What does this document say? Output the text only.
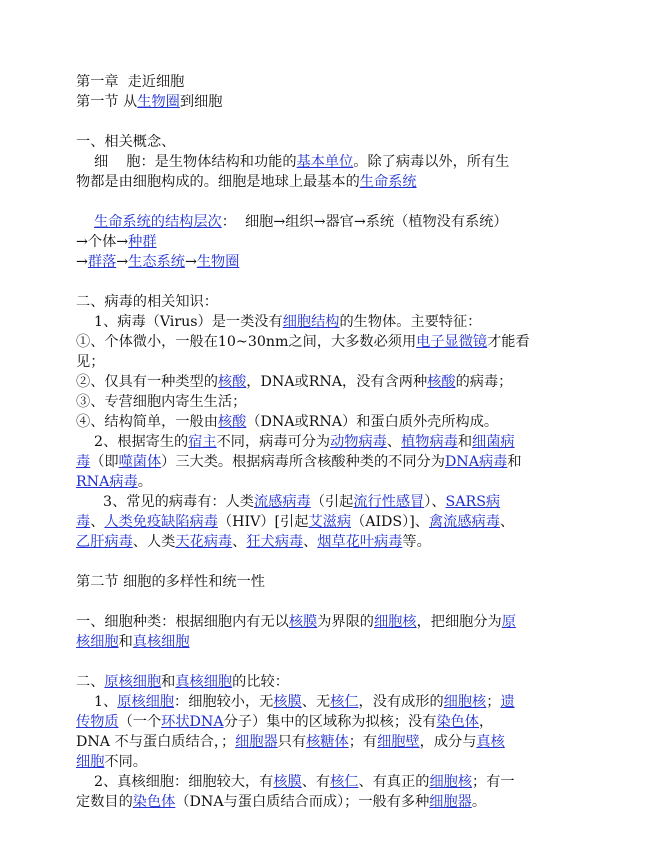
第一章  走近细胞
第一节 从生物圈到细胞
一、相关概念、
细    胞：是生物体结构和功能的基本单位。除了病毒以外，所有生
物都是由细胞构成的。细胞是地球上最基本的生命系统
生命系统的结构层次：  细胞→组织→器官→系统（植物没有系统）
→个体→种群
→群落→生态系统→生物圈
二、病毒的相关知识：
1、病毒（Virus）是一类没有细胞结构的生物体。主要特征：
①、个体微小，一般在10~30nm之间，大多数必须用电子显微镜才能看
见；
②、仅具有一种类型的核酸，DNA或RNA，没有含两种核酸的病毒；
③、专营细胞内寄生生活；
④、结构简单，一般由核酸（DNA或RNA）和蛋白质外壳所构成。
2、根据寄生的宿主不同，病毒可分为动物病毒、植物病毒和细菌病
毒（即噬菌体）三大类。根据病毒所含核酸种类的不同分为DNA病毒和
RNA病毒。
3、常见的病毒有：人类流感病毒（引起流行性感冒）、SARS病
毒、人类免疫缺陷病毒（HIV）[引起艾滋病（AIDS）]、禽流感病毒、
乙肝病毒、人类天花病毒、狂犬病毒、烟草花叶病毒等。
第二节 细胞的多样性和统一性
一、细胞种类：根据细胞内有无以核膜为界限的细胞核，把细胞分为原
核细胞和真核细胞
二、原核细胞和真核细胞的比较：
1、原核细胞：细胞较小，无核膜、无核仁，没有成形的细胞核；遗
传物质（一个环状DNA分子）集中的区域称为拟核；没有染色体，
DNA 不与蛋白质结合，；细胞器只有核糖体；有细胞壁，成分与真核
细胞不同。
2、真核细胞：细胞较大，有核膜、有核仁、有真正的细胞核；有一
定数目的染色体（DNA与蛋白质结合而成）；一般有多种细胞器。
